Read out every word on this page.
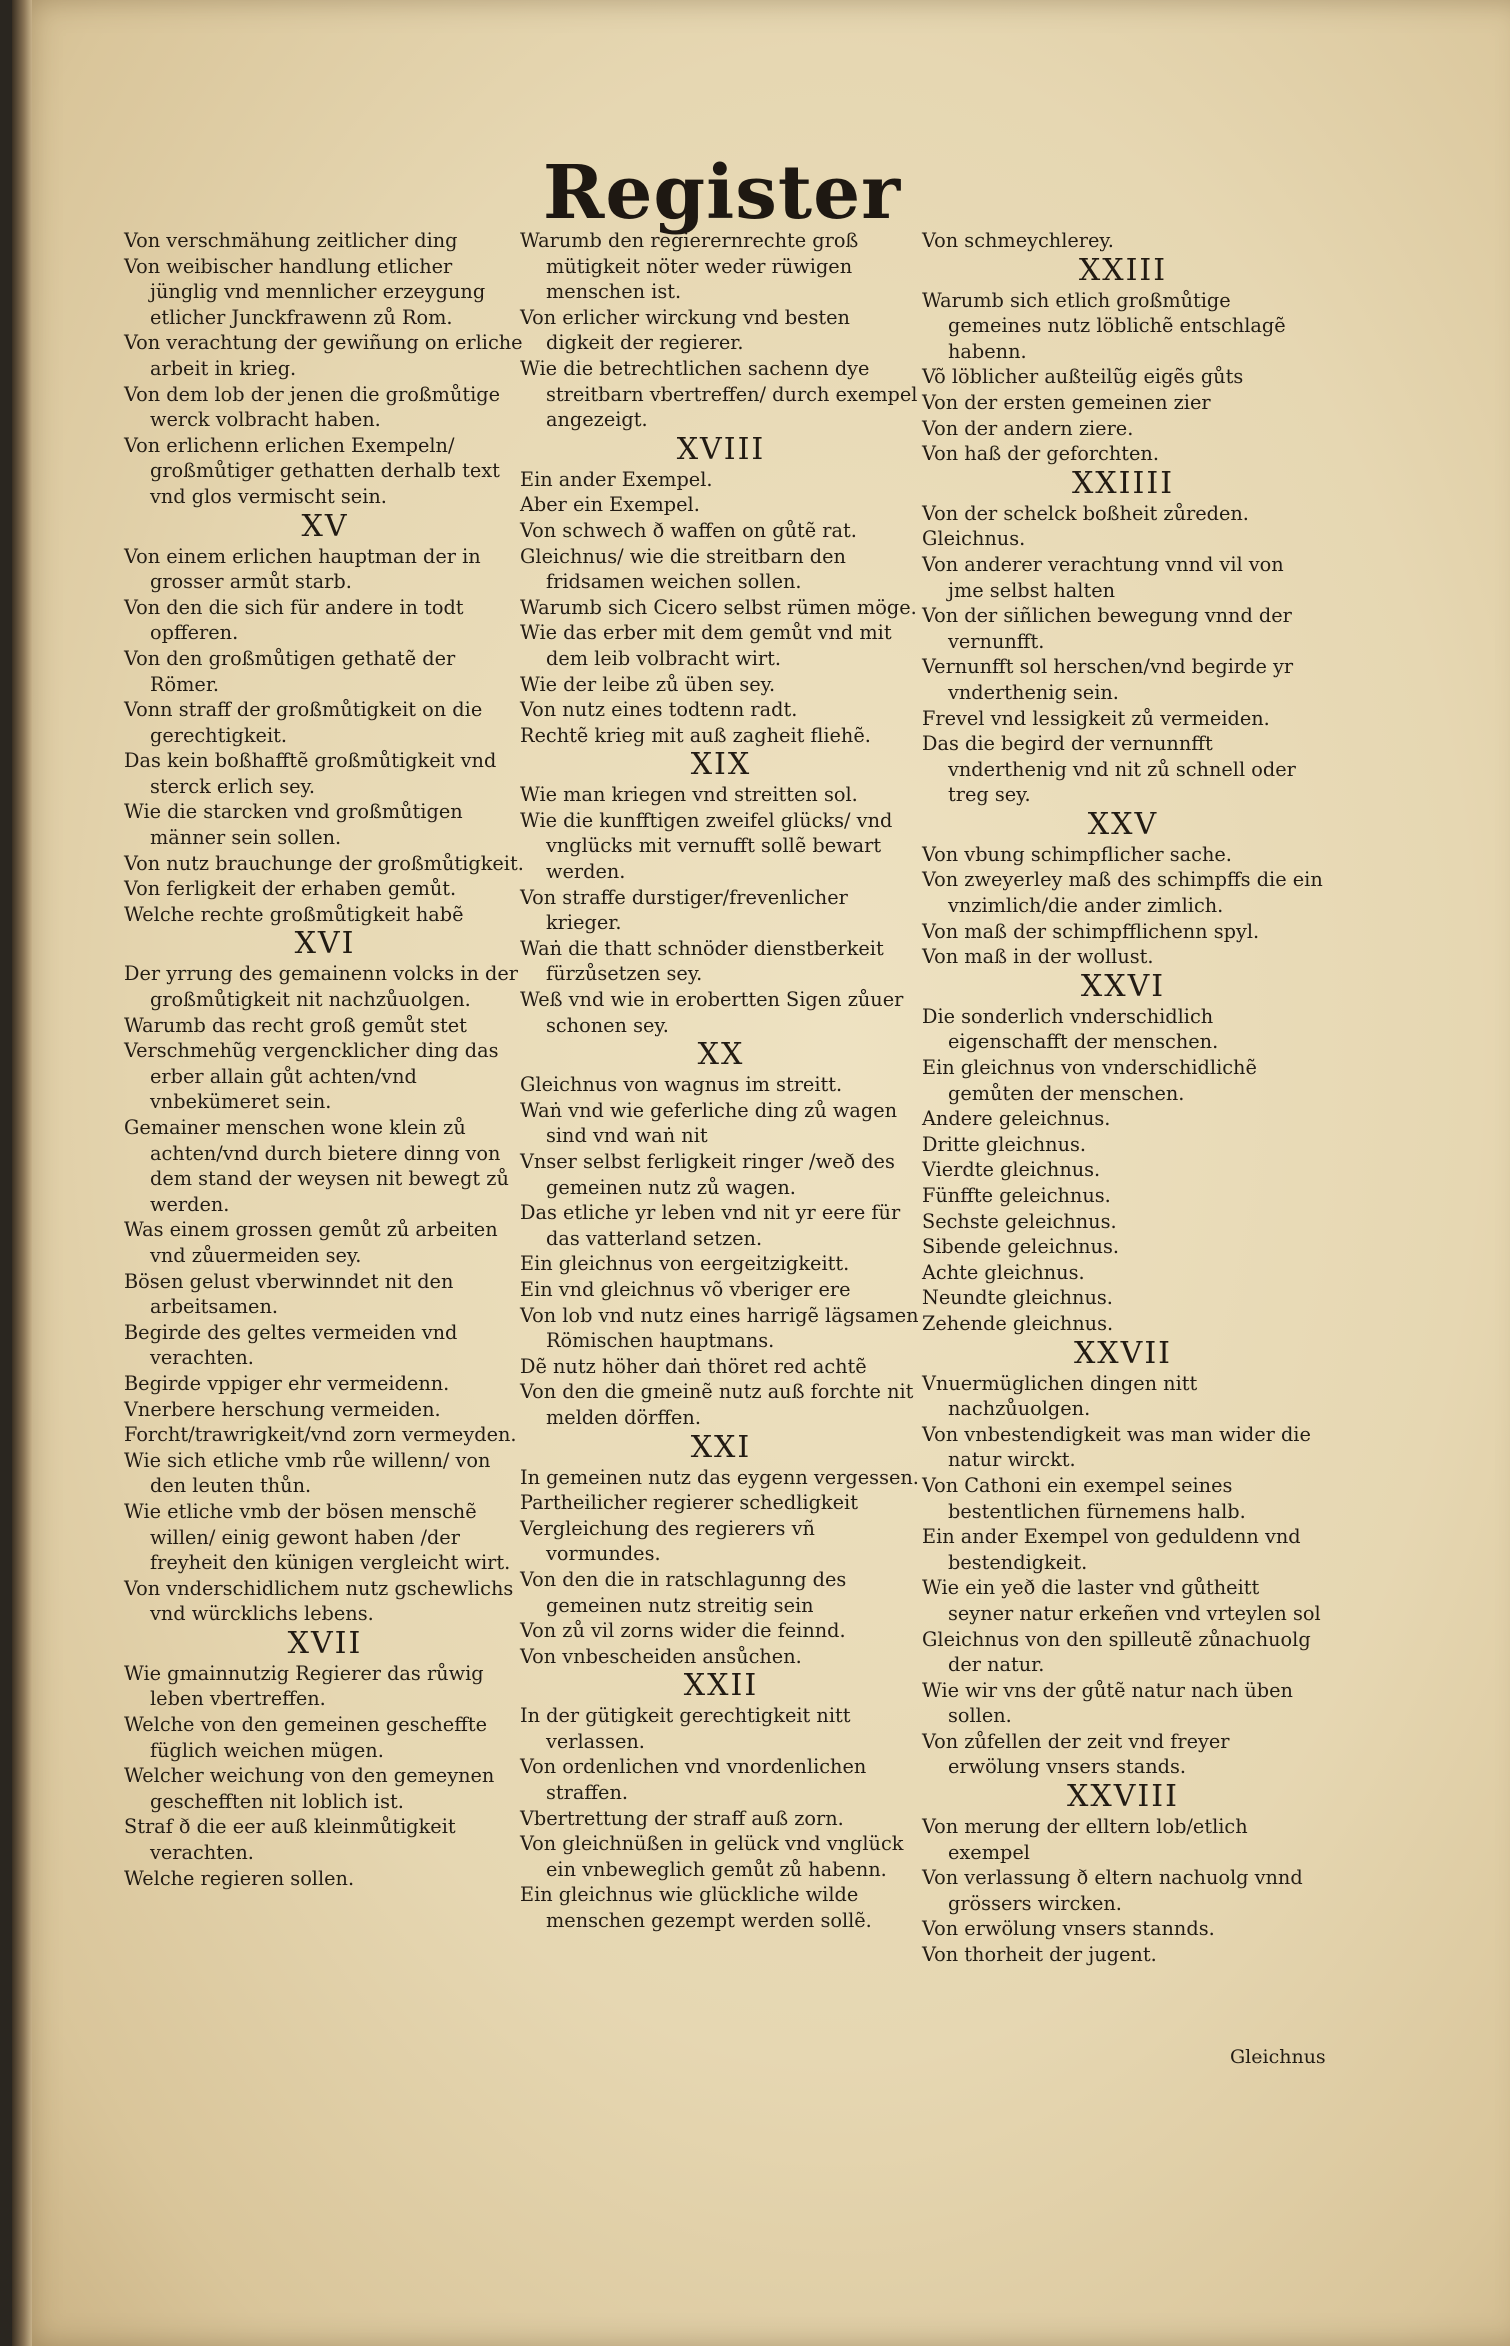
Register
Von verschmähung zeitlicher ding
Von weibischer handlung etlicher jünglig vnd mennlicher erzeygung etlicher Junckfrawenn zů Rom.
Von verachtung der gewiñung on erliche arbeit in krieg.
Von dem lob der jenen die großmůtige werck volbracht haben.
Von erlichenn erlichen Exempeln/ großmůtiger gethatten derhalb text vnd glos vermischt sein.
XV
Von einem erlichen hauptman der in grosser armůt starb.
Von den die sich für andere in todt opfferen.
Von den großmůtigen gethatẽ der Römer.
Vonn straff der großmůtigkeit on die gerechtigkeit.
Das kein boßhafftẽ großmůtigkeit vnd sterck erlich sey.
Wie die starcken vnd großmůtigen männer sein sollen.
Von nutz brauchunge der großmůtigkeit.
Von ferligkeit der erhaben gemůt.
Welche rechte großmůtigkeit habẽ
XVI
Der yrrung des gemainenn volcks in der großmůtigkeit nit nachzůuolgen.
Warumb das recht groß gemůt stet
Verschmehũg vergencklicher ding das erber allain gůt achten/vnd vnbekümeret sein.
Gemainer menschen wone klein zů achten/vnd durch bietere dinng von dem stand der weysen nit bewegt zů werden.
Was einem grossen gemůt zů arbeiten vnd zůuermeiden sey.
Bösen gelust vberwinndet nit den arbeitsamen.
Begirde des geltes vermeiden vnd verachten.
Begirde vppiger ehr vermeidenn.
Vnerbere herschung vermeiden.
Forcht/trawrigkeit/vnd zorn vermeyden.
Wie sich etliche vmb růe willenn/ von den leuten thůn.
Wie etliche vmb der bösen menschẽ willen/ einig gewont haben /der freyheit den künigen vergleicht wirt.
Von vnderschidlichem nutz gschewlichs vnd würcklichs lebens.
XVII
Wie gmainnutzig Regierer das růwig leben vbertreffen.
Welche von den gemeinen gescheffte füglich weichen mügen.
Welcher weichung von den gemeynen geschefften nit loblich ist.
Straf ð die eer auß kleinmůtigkeit verachten.
Welche regieren sollen.
Warumb den regierernrechte groß mütigkeit nöter weder rüwigen menschen ist.
Von erlicher wirckung vnd besten digkeit der regierer.
Wie die betrechtlichen sachenn dye streitbarn vbertreffen/ durch exempel angezeigt.
XVIII
Ein ander Exempel.
Aber ein Exempel.
Von schwech ð waffen on gůtẽ rat.
Gleichnus/ wie die streitbarn den fridsamen weichen sollen.
Warumb sich Cicero selbst rümen möge.
Wie das erber mit dem gemůt vnd mit dem leib volbracht wirt.
Wie der leibe zů üben sey.
Von nutz eines todtenn radt.
Rechtẽ krieg mit auß zagheit fliehẽ.
XIX
Wie man kriegen vnd streitten sol.
Wie die kunfftigen zweifel glücks/ vnd vnglücks mit vernufft sollẽ bewart werden.
Von straffe durstiger/frevenlicher krieger.
Waṅ die thatt schnöder dienstberkeit fürzůsetzen sey.
Weß vnd wie in erobertten Sigen zůuer schonen sey.
XX
Gleichnus von wagnus im streitt.
Waṅ vnd wie geferliche ding zů wagen sind vnd waṅ nit
Vnser selbst ferligkeit ringer /weð des gemeinen nutz zů wagen.
Das etliche yr leben vnd nit yr eere für das vatterland setzen.
Ein gleichnus von eergeitzigkeitt.
Ein vnd gleichnus võ vberiger ere
Von lob vnd nutz eines harrigẽ lägsamen Römischen hauptmans.
Dẽ nutz höher daṅ thöret red achtẽ
Von den die gmeinẽ nutz auß forchte nit melden dörffen.
XXI
In gemeinen nutz das eygenn vergessen.
Partheilicher regierer schedligkeit
Vergleichung des regierers vñ vormundes.
Von den die in ratschlagunng des gemeinen nutz streitig sein
Von zů vil zorns wider die feinnd.
Von vnbescheiden ansůchen.
XXII
In der gütigkeit gerechtigkeit nitt verlassen.
Von ordenlichen vnd vnordenlichen straffen.
Vbertrettung der straff auß zorn.
Von gleichnüßen in gelück vnd vnglück ein vnbeweglich gemůt zů habenn.
Ein gleichnus wie glückliche wilde menschen gezempt werden sollẽ.
Von schmeychlerey.
XXIII
Warumb sich etlich großmůtige gemeines nutz löblichẽ entschlagẽ habenn.
Võ löblicher außteilũg eigẽs gůts
Von der ersten gemeinen zier
Von der andern ziere.
Von haß der geforchten.
XXIIII
Von der schelck boßheit zůreden.
Gleichnus.
Von anderer verachtung vnnd vil von jme selbst halten
Von der siñlichen bewegung vnnd der vernunfft.
Vernunfft sol herschen/vnd begirde yr vnderthenig sein.
Frevel vnd lessigkeit zů vermeiden.
Das die begird der vernunnfft vnderthenig vnd nit zů schnell oder treg sey.
XXV
Von vbung schimpflicher sache.
Von zweyerley maß des schimpffs die ein vnzimlich/die ander zimlich.
Von maß der schimpfflichenn spyl.
Von maß in der wollust.
XXVI
Die sonderlich vnderschidlich eigenschafft der menschen.
Ein gleichnus von vnderschidlichẽ gemůten der menschen.
Andere geleichnus.
Dritte gleichnus.
Vierdte gleichnus.
Fünffte geleichnus.
Sechste geleichnus.
Sibende geleichnus.
Achte gleichnus.
Neundte gleichnus.
Zehende gleichnus.
XXVII
Vnuermüglichen dingen nitt nachzůuolgen.
Von vnbestendigkeit was man wider die natur wirckt.
Von Cathoni ein exempel seines bestentlichen fürnemens halb.
Ein ander Exempel von geduldenn vnd bestendigkeit.
Wie ein yeð die laster vnd gůtheitt seyner natur erkeñen vnd vrteylen sol
Gleichnus von den spilleutẽ zůnachuolg der natur.
Wie wir vns der gůtẽ natur nach üben sollen.
Von zůfellen der zeit vnd freyer erwölung vnsers stands.
XXVIII
Von merung der elltern lob/etlich exempel
Von verlassung ð eltern nachuolg vnnd grössers wircken.
Von erwölung vnsers stannds.
Von thorheit der jugent.
Gleichnus
